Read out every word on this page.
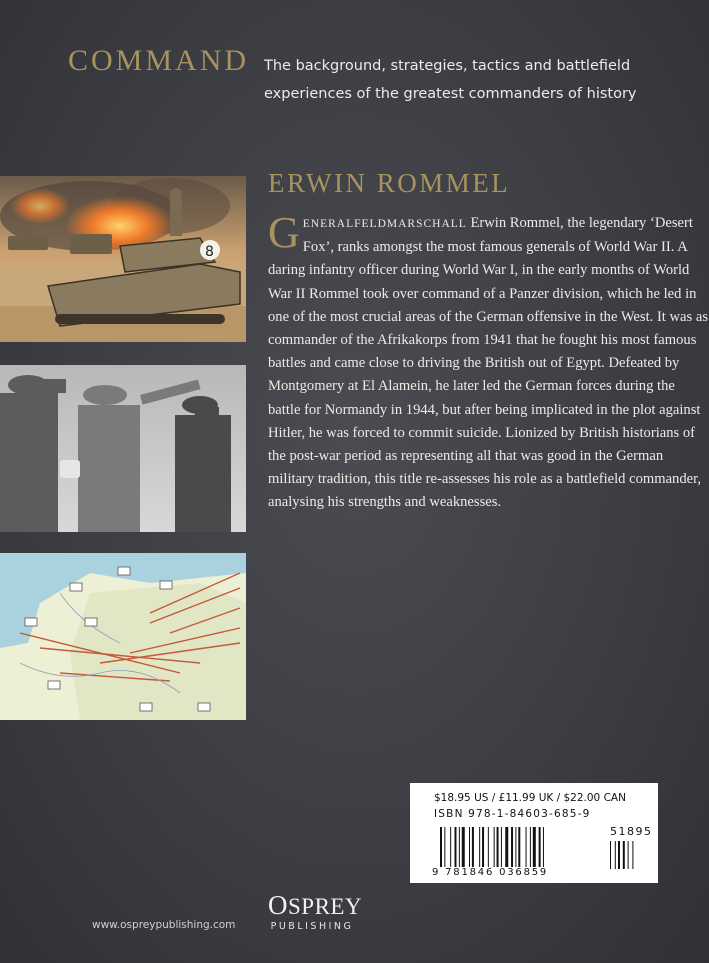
COMMAND The background, strategies, tactics and battlefield
experiences of the greatest commanders of history
8
ERWIN ROMMEL
GENERALFELDMARSCHALL Erwin Rommel, the legendary ‘Desert Fox’, ranks amongst the most famous generals of World War II. A daring infantry officer during World War I, in the early months of World War II Rommel took over command of a Panzer division, which he led in one of the most crucial areas of the German offensive in the West. It was as commander of the Afrikakorps from 1941 that he fought his most famous battles and came close to driving the British out of Egypt. Defeated by Montgomery at El Alamein, he later led the German forces during the battle for Normandy in 1944, but after being implicated in the plot against Hitler, he was forced to commit suicide. Lionized by British historians of the post-war period as representing all that was good in the German military tradition, this title re-assesses his role as a battlefield commander, analysing his strengths and weaknesses.
$18.95 US / £11.99 UK / $22.00 CAN
ISBN 978-1-84603-685-9
51895
9 781846 036859
www.ospreypublishing.com
OSPREY
PUBLISHING
